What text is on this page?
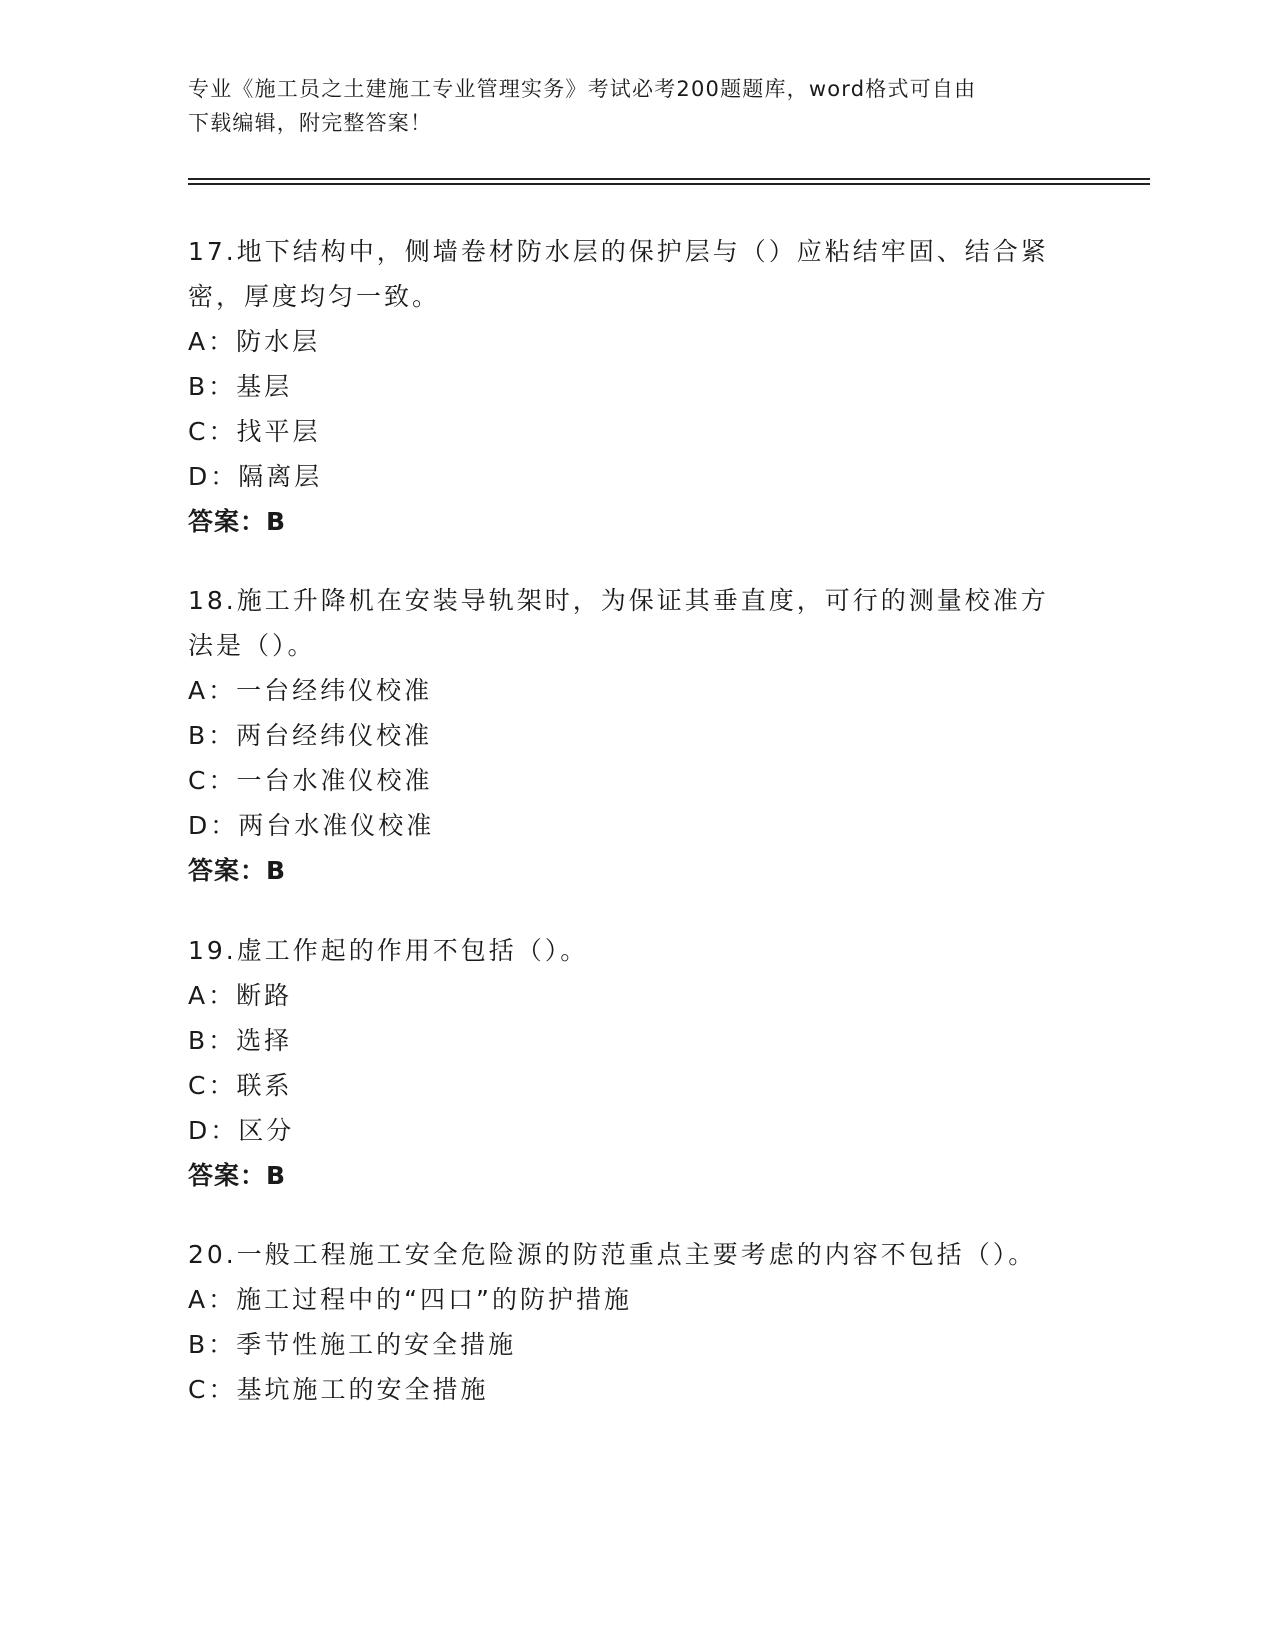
专业《施工员之土建施工专业管理实务》考试必考200题题库，word格式可自由
下载编辑，附完整答案！
17.地下结构中，侧墙卷材防水层的保护层与（）应粘结牢固、结合紧
密，厚度均匀一致。
A：防水层
B：基层
C：找平层
D：隔离层
答案：B
18.施工升降机在安装导轨架时，为保证其垂直度，可行的测量校准方
法是（）。
A：一台经纬仪校准
B：两台经纬仪校准
C：一台水准仪校准
D：两台水准仪校准
答案：B
19.虚工作起的作用不包括（）。
A：断路
B：选择
C：联系
D：区分
答案：B
20.一般工程施工安全危险源的防范重点主要考虑的内容不包括（）。
A：施工过程中的“四口”的防护措施
B：季节性施工的安全措施
C：基坑施工的安全措施
